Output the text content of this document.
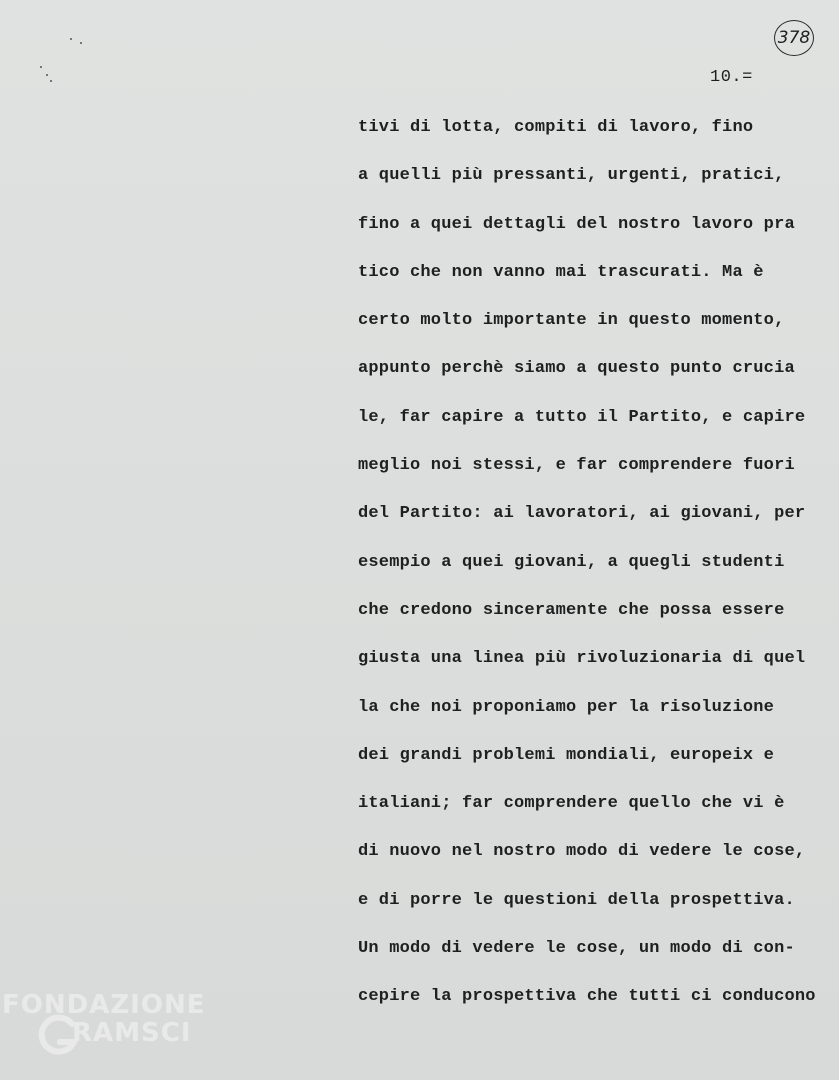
378
10.=
tivi di lotta, compiti di lavoro, fino
a quelli più pressanti, urgenti, pratici,
fino a quei dettagli del nostro lavoro pra
tico che non vanno mai trascurati. Ma è
certo molto importante in questo momento,
appunto perchè siamo a questo punto crucia
le, far capire a tutto il Partito, e capire
meglio noi stessi, e far comprendere fuori
del Partito: ai lavoratori, ai giovani, per
esempio a quei giovani, a quegli studenti
che credono sinceramente che possa essere
giusta una linea più rivoluzionaria di quel
la che noi proponiamo per la risoluzione
dei grandi problemi mondiali, europeix e
italiani; far comprendere quello che vi è
di nuovo nel nostro modo di vedere le cose,
e di porre le questioni della prospettiva.
Un modo di vedere le cose, un modo di con-
cepire la prospettiva che tutti ci conducono
FONDAZIONE
RAMSCI
